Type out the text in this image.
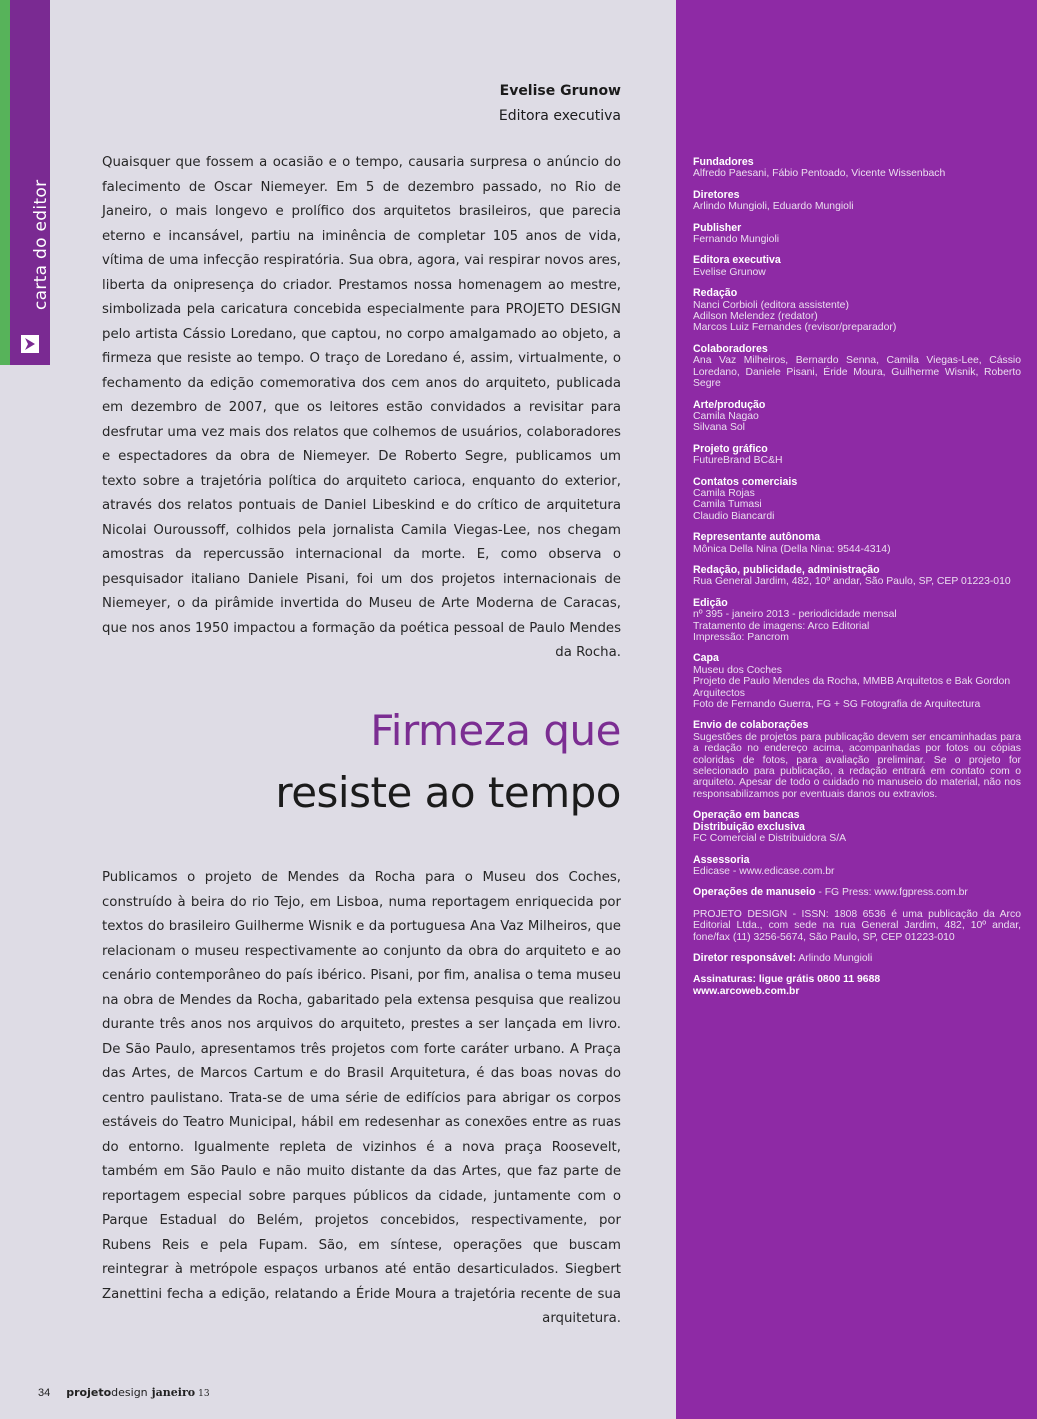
carta do editor
Evelise Grunow
Editora executiva
Quaisquer que fossem a ocasião e o tempo, causaria surpresa o anúncio do falecimento de Oscar Niemeyer. Em 5 de dezembro passado, no Rio de Janeiro, o mais longevo e prolífico dos arquitetos brasileiros, que parecia eterno e incansável, partiu na iminência de completar 105 anos de vida, vítima de uma infecção respiratória. Sua obra, agora, vai respirar novos ares, liberta da onipresença do criador. Prestamos nossa homenagem ao mestre, simbolizada pela caricatura concebida especialmente para PROJETO DESIGN pelo artista Cássio Loredano, que captou, no corpo amalgamado ao objeto, a firmeza que resiste ao tempo. O traço de Loredano é, assim, virtualmente, o fechamento da edição comemorativa dos cem anos do arquiteto, publicada em dezembro de 2007, que os leitores estão convidados a revisitar para desfrutar uma vez mais dos relatos que colhemos de usuários, colaboradores e espectadores da obra de Niemeyer. De Roberto Segre, publicamos um texto sobre a trajetória política do arquiteto carioca, enquanto do exterior, através dos relatos pontuais de Daniel Libeskind e do crítico de arquitetura Nicolai Ouroussoff, colhidos pela jornalista Camila Viegas-Lee, nos chegam amostras da repercussão internacional da morte. E, como observa o pesquisador italiano Daniele Pisani, foi um dos projetos internacionais de Niemeyer, o da pirâmide invertida do Museu de Arte Moderna de Caracas, que nos anos 1950 impactou a formação da poética pessoal de Paulo Mendes da Rocha.
Firmeza que
resiste ao tempo
Publicamos o projeto de Mendes da Rocha para o Museu dos Coches, construído à beira do rio Tejo, em Lisboa, numa reportagem enriquecida por textos do brasileiro Guilherme Wisnik e da portuguesa Ana Vaz Milheiros, que relacionam o museu respectivamente ao conjunto da obra do arquiteto e ao cenário contemporâneo do país ibérico. Pisani, por fim, analisa o tema museu na obra de Mendes da Rocha, gabaritado pela extensa pesquisa que realizou durante três anos nos arquivos do arquiteto, prestes a ser lançada em livro. De São Paulo, apresentamos três projetos com forte caráter urbano. A Praça das Artes, de Marcos Cartum e do Brasil Arquitetura, é das boas novas do centro paulistano. Trata-se de uma série de edifícios para abrigar os corpos estáveis do Teatro Municipal, hábil em redesenhar as conexões entre as ruas do entorno. Igualmente repleta de vizinhos é a nova praça Roosevelt, também em São Paulo e não muito distante da das Artes, que faz parte de reportagem especial sobre parques públicos da cidade, juntamente com o Parque Estadual do Belém, projetos concebidos, respectivamente, por Rubens Reis e pela Fupam. São, em síntese, operações que buscam reintegrar à metrópole espaços urbanos até então desarticulados. Siegbert Zanettini fecha a edição, relatando a Éride Moura a trajetória recente de sua arquitetura.
34 projetodesign janeiro 13
Fundadores
Alfredo Paesani, Fábio Pentoado, Vicente Wissenbach
Diretores
Arlindo Mungioli, Eduardo Mungioli
Publisher
Fernando Mungioli
Editora executiva
Evelise Grunow
Redação
Nanci Corbioli (editora assistente)
Adilson Melendez (redator)
Marcos Luiz Fernandes (revisor/preparador)
Colaboradores
Ana Vaz Milheiros, Bernardo Senna, Camila Viegas-Lee, Cássio Loredano, Daniele Pisani, Éride Moura, Guilherme Wisnik, Roberto Segre
Arte/produção
Camila Nagao
Silvana Sol
Projeto gráfico
FutureBrand BC&H
Contatos comerciais
Camila Rojas
Camila Tumasi
Claudio Biancardi
Representante autônoma
Mônica Della Nina (Della Nina: 9544-4314)
Redação, publicidade, administração
Rua General Jardim, 482, 10º andar, São Paulo, SP, CEP 01223-010
Edição
nº 395 - janeiro 2013 - periodicidade mensal
Tratamento de imagens: Arco Editorial
Impressão: Pancrom
Capa
Museu dos Coches
Projeto de Paulo Mendes da Rocha, MMBB Arquitetos e Bak Gordon Arquitectos
Foto de Fernando Guerra, FG + SG Fotografia de Arquitectura
Envio de colaborações
Sugestões de projetos para publicação devem ser encaminhadas para a redação no endereço acima, acompanhadas por fotos ou cópias coloridas de fotos, para avaliação preliminar. Se o projeto for selecionado para publicação, a redação entrará em contato com o arquiteto. Apesar de todo o cuidado no manuseio do material, não nos responsabilizamos por eventuais danos ou extravios.
Operação em bancas
Distribuição exclusiva
FC Comercial e Distribuidora S/A
Assessoria
Edicase - www.edicase.com.br
Operações de manuseio - FG Press: www.fgpress.com.br
PROJETO DESIGN - ISSN: 1808 6536 é uma publicação da Arco Editorial Ltda., com sede na rua General Jardim, 482, 10º andar, fone/fax (11) 3256-5674, São Paulo, SP, CEP 01223-010
Diretor responsável: Arlindo Mungioli
Assinaturas: ligue grátis 0800 11 9688
www.arcoweb.com.br
